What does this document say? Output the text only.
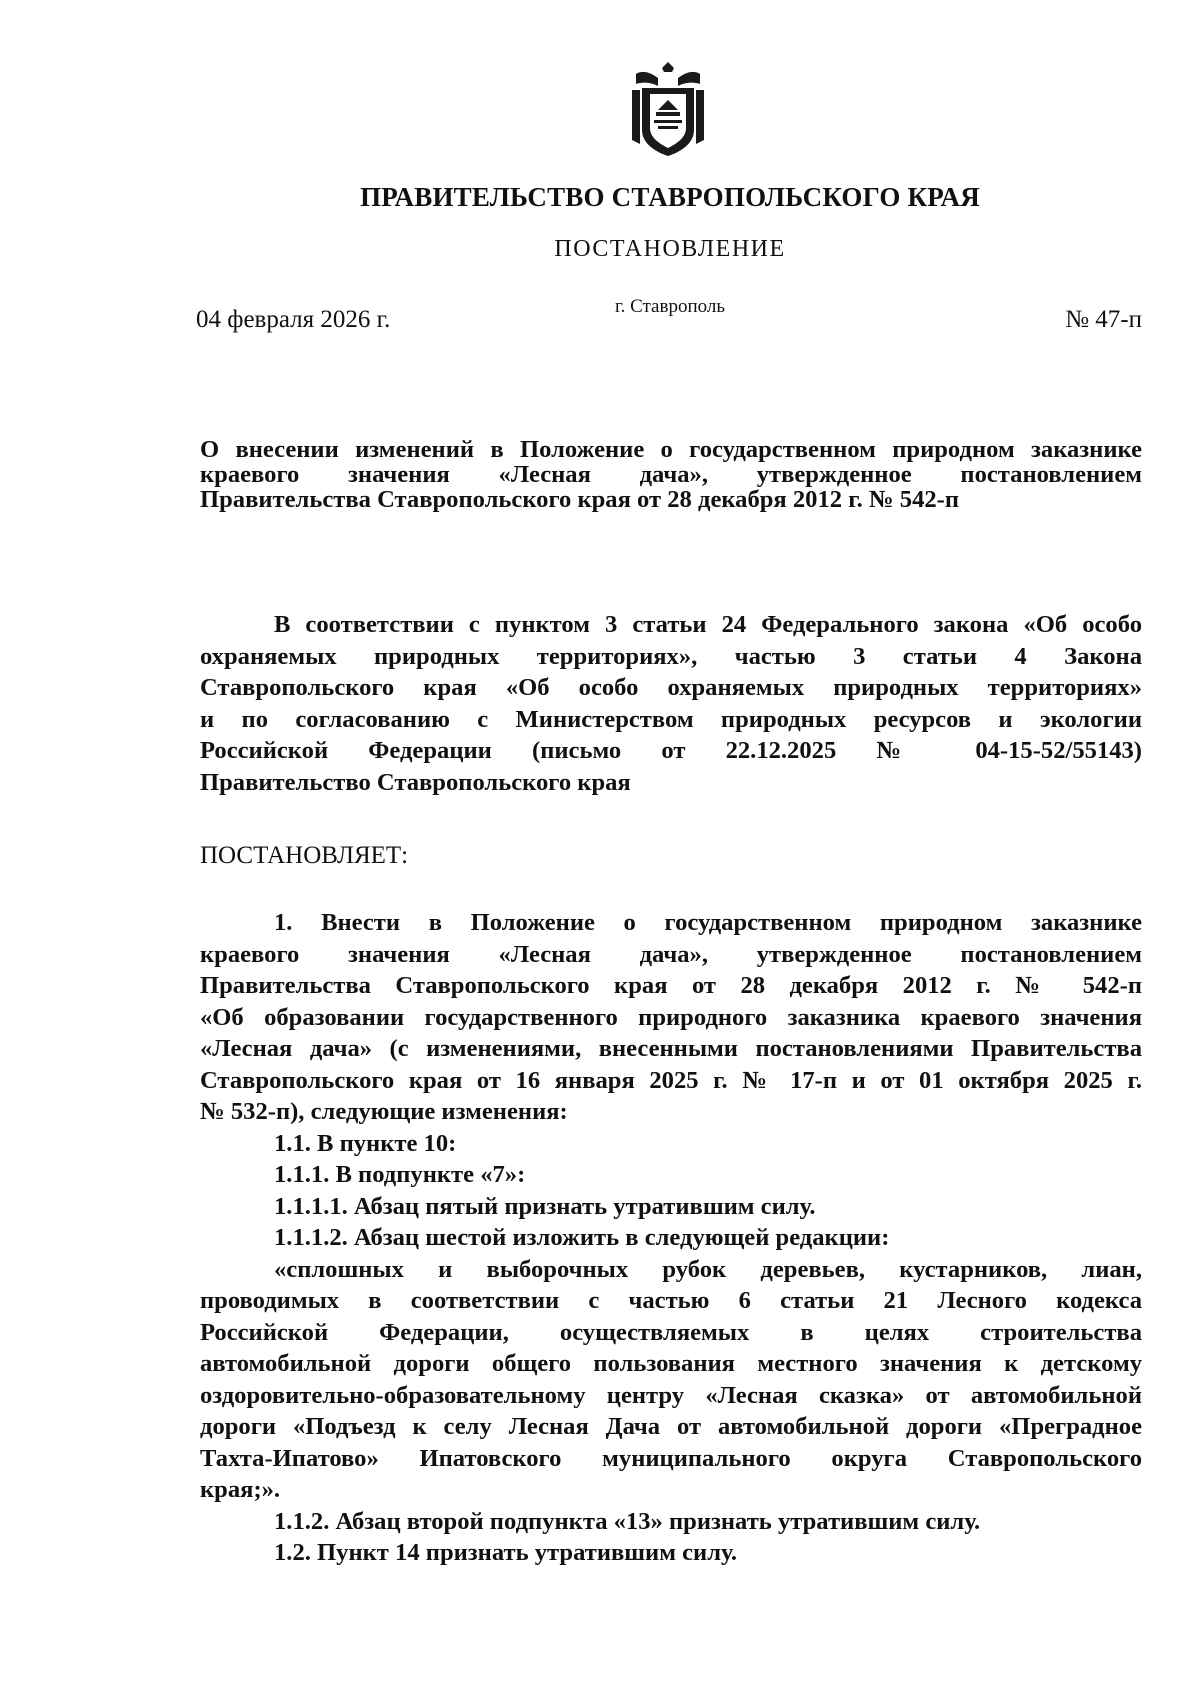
ПРАВИТЕЛЬСТВО СТАВРОПОЛЬСКОГО КРАЯ
ПОСТАНОВЛЕНИЕ
04 февраля 2026 г.	г. Ставрополь	№ 47-п
О внесении изменений в Положение о государственном природном заказнике
краевого значения «Лесная дача», утвержденное постановлением
Правительства Ставропольского края от 28 декабря 2012 г. № 542-п
В соответствии с пунктом 3 статьи 24 Федерального закона «Об особо
охраняемых природных территориях», частью 3 статьи 4 Закона
Ставропольского края «Об особо охраняемых природных территориях»
и по согласованию с Министерством природных ресурсов и экологии
Российской Федерации (письмо от 22.12.2025 № 04-15-52/55143)
Правительство Ставропольского края
ПОСТАНОВЛЯЕТ:
1. Внести в Положение о государственном природном заказнике
краевого значения «Лесная дача», утвержденное постановлением
Правительства Ставропольского края от 28 декабря 2012 г. № 542-п
«Об образовании государственного природного заказника краевого значения
«Лесная дача» (с изменениями, внесенными постановлениями Правительства
Ставропольского края от 16 января 2025 г. № 17-п и от 01 октября 2025 г.
№ 532-п), следующие изменения:
1.1. В пункте 10:
1.1.1. В подпункте «7»:
1.1.1.1. Абзац пятый признать утратившим силу.
1.1.1.2. Абзац шестой изложить в следующей редакции:
«сплошных и выборочных рубок деревьев, кустарников, лиан,
проводимых в соответствии с частью 6 статьи 21 Лесного кодекса
Российской Федерации, осуществляемых в целях строительства
автомобильной дороги общего пользования местного значения к детскому
оздоровительно-образовательному центру «Лесная сказка» от автомобильной
дороги «Подъезд к селу Лесная Дача от автомобильной дороги «Преградное
Тахта-Ипатово» Ипатовского муниципального округа Ставропольского
края;».
1.1.2. Абзац второй подпункта «13» признать утратившим силу.
1.2. Пункт 14 признать утратившим силу.
